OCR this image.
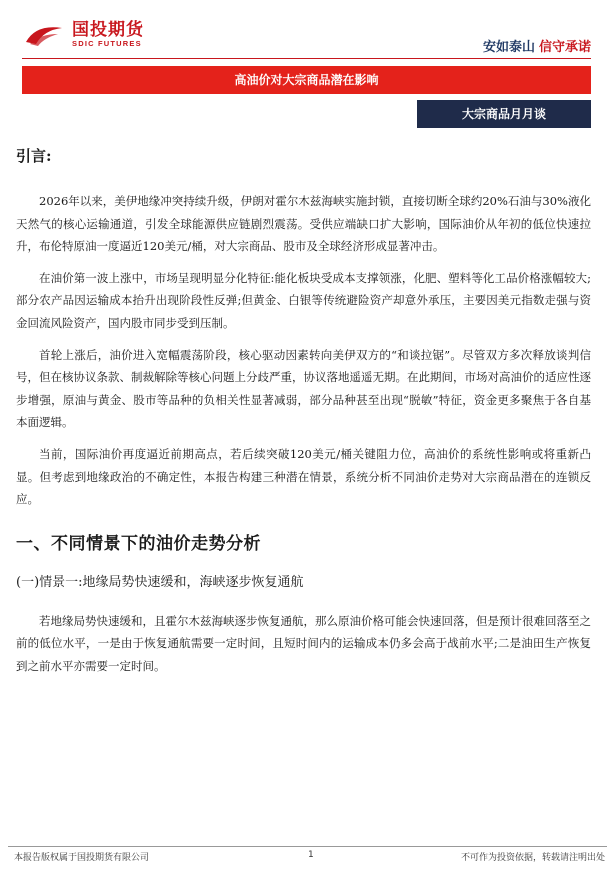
国投期货
SDIC FUTURES	安如泰山 信守承诺
高油价对大宗商品潜在影响
大宗商品月月谈
引言:

2026年以来，美伊地缘冲突持续升级，伊朗对霍尔木兹海峡实施封锁，直接切断全球约20%石油与30%液化天然气的核心运输通道，引发全球能源供应链剧烈震荡。受供应端缺口扩大影响，国际油价从年初的低位快速拉升，布伦特原油一度逼近120美元/桶，对大宗商品、股市及全球经济形成显著冲击。

在油价第一波上涨中，市场呈现明显分化特征:能化板块受成本支撑领涨，化肥、塑料等化工品价格涨幅较大;部分农产品因运输成本抬升出现阶段性反弹;但黄金、白银等传统避险资产却意外承压，主要因美元指数走强与资金回流风险资产，国内股市同步受到压制。

首轮上涨后，油价进入宽幅震荡阶段，核心驱动因素转向美伊双方的“和谈拉锯”。尽管双方多次释放谈判信号，但在核协议条款、制裁解除等核心问题上分歧严重，协议落地遥遥无期。在此期间，市场对高油价的适应性逐步增强，原油与黄金、股市等品种的负相关性显著减弱，部分品种甚至出现“脱敏”特征，资金更多聚焦于各自基本面逻辑。

当前，国际油价再度逼近前期高点，若后续突破120美元/桶关键阻力位，高油价的系统性影响或将重新凸显。但考虑到地缘政治的不确定性，本报告构建三种潜在情景，系统分析不同油价走势对大宗商品潜在的连锁反应。

一、不同情景下的油价走势分析
(一)情景一:地缘局势快速缓和，海峡逐步恢复通航

若地缘局势快速缓和，且霍尔木兹海峡逐步恢复通航，那么原油价格可能会快速回落，但是预计很难回落至之前的低位水平，一是由于恢复通航需要一定时间，且短时间内的运输成本仍多会高于战前水平;二是油田生产恢复到之前水平亦需要一定时间。

本报告版权属于国投期货有限公司	1	不可作为投资依据，转载请注明出处
